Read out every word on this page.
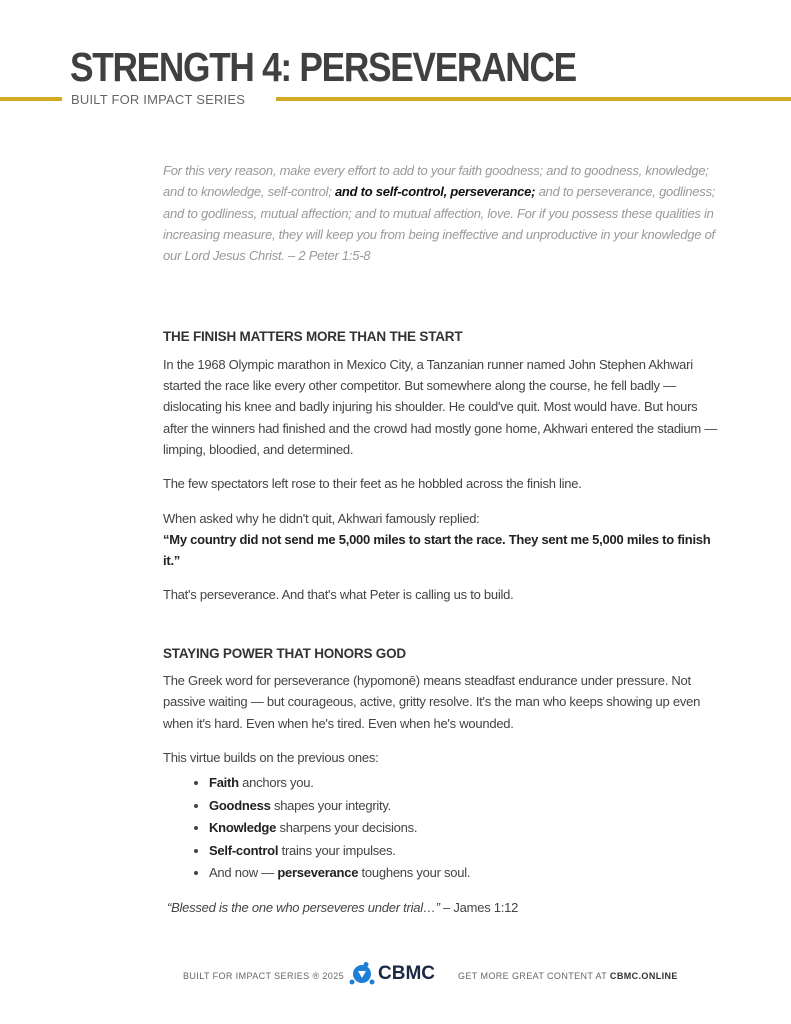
STRENGTH 4: PERSEVERANCE
BUILT FOR IMPACT SERIES

For this very reason, make every effort to add to your faith goodness; and to goodness, knowledge; and to knowledge, self-control; and to self-control, perseverance; and to perseverance, godliness; and to godliness, mutual affection; and to mutual affection, love. For if you possess these qualities in increasing measure, they will keep you from being ineffective and unproductive in your knowledge of our Lord Jesus Christ. – 2 Peter 1:5-8

THE FINISH MATTERS MORE THAN THE START

In the 1968 Olympic marathon in Mexico City, a Tanzanian runner named John Stephen Akhwari started the race like every other competitor. But somewhere along the course, he fell badly — dislocating his knee and badly injuring his shoulder. He could've quit. Most would have. But hours after the winners had finished and the crowd had mostly gone home, Akhwari entered the stadium — limping, bloodied, and determined.

The few spectators left rose to their feet as he hobbled across the finish line.

When asked why he didn't quit, Akhwari famously replied:

“My country did not send me 5,000 miles to start the race. They sent me 5,000 miles to finish it.”

That's perseverance. And that's what Peter is calling us to build.

STAYING POWER THAT HONORS GOD

The Greek word for perseverance (hypomonē) means steadfast endurance under pressure. Not passive waiting — but courageous, active, gritty resolve. It's the man who keeps showing up even when it's hard. Even when he's tired. Even when he's wounded.

This virtue builds on the previous ones:

• Faith anchors you.
• Goodness shapes your integrity.
• Knowledge sharpens your decisions.
• Self-control trains your impulses.
• And now — perseverance toughens your soul.

“Blessed is the one who perseveres under trial…” – James 1:12

BUILT FOR IMPACT SERIES ® 2025 CBMC	GET MORE GREAT CONTENT AT CBMC.ONLINE
